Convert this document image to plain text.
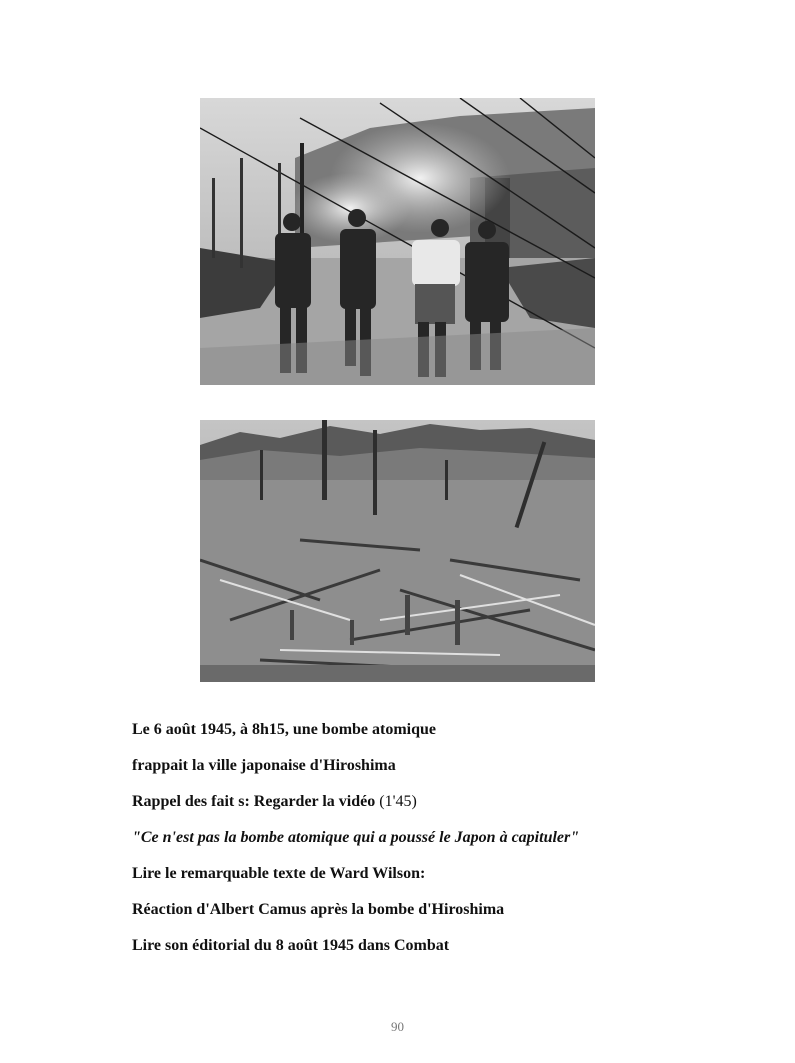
Le 6 août 1945, à 8h15, une bombe atomique
frappait la ville japonaise d'Hiroshima
Rappel des fait s: Regarder la vidéo (1'45)
"Ce n'est pas la bombe atomique qui a poussé le Japon à capituler"
Lire le remarquable texte de Ward Wilson:
Réaction d'Albert Camus après la bombe d'Hiroshima
Lire son éditorial du 8 août 1945 dans Combat
90
